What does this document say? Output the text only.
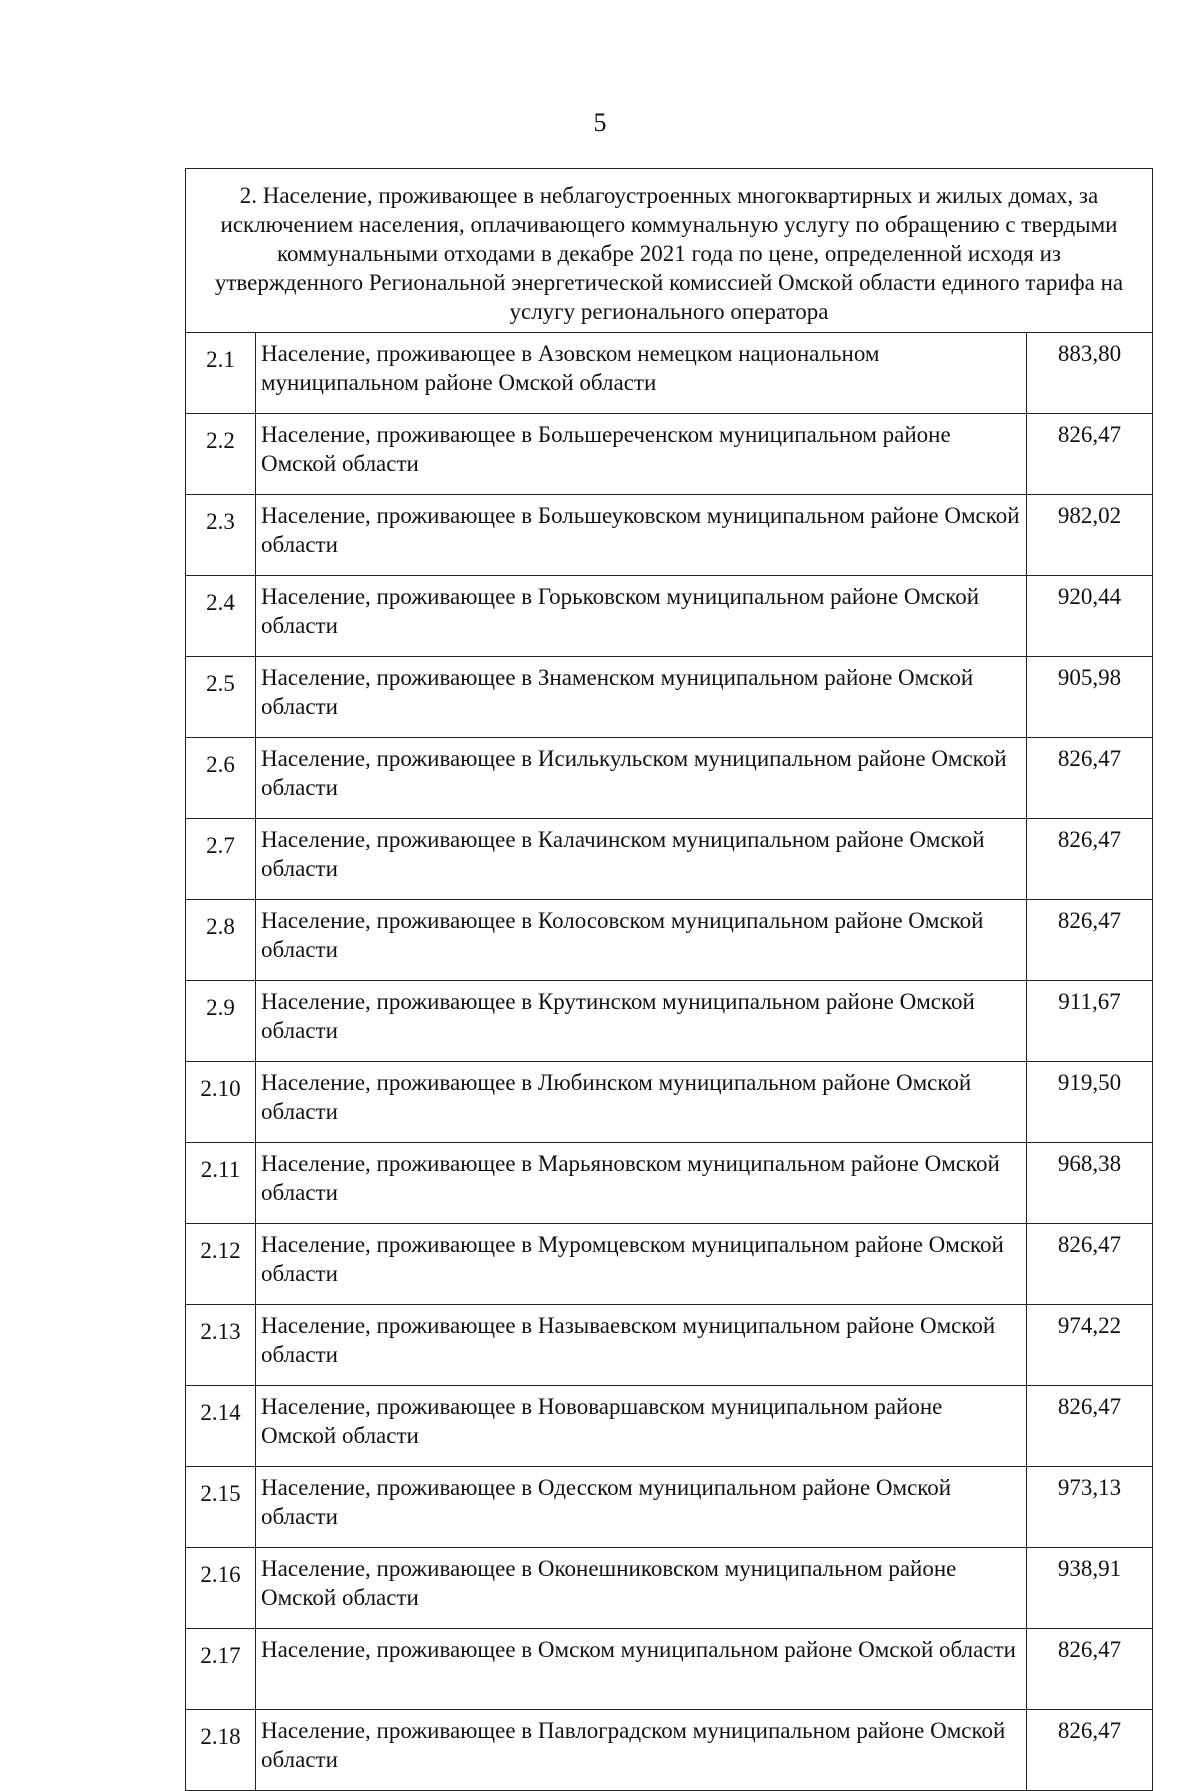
5
2. Население, проживающее в неблагоустроенных многоквартирных и жилых домах, за исключением населения, оплачивающего коммунальную услугу по обращению с твердыми коммунальными отходами в декабре 2021 года по цене, определенной исходя из утвержденного Региональной энергетической комиссией Омской области единого тарифа на услугу регионального оператора		
2.1	Население, проживающее в Азовском немецком национальном муниципальном районе Омской области	883,80
2.2	Население, проживающее в Большереченском муниципальном районе Омской области	826,47
2.3	Население, проживающее в Большеуковском муниципальном районе Омской области	982,02
2.4	Население, проживающее в Горьковском муниципальном районе Омской области	920,44
2.5	Население, проживающее в Знаменском муниципальном районе Омской области	905,98
2.6	Население, проживающее в Исилькульском муниципальном районе Омской области	826,47
2.7	Население, проживающее в Калачинском муниципальном районе Омской области	826,47
2.8	Население, проживающее в Колосовском муниципальном районе Омской области	826,47
2.9	Население, проживающее в Крутинском муниципальном районе Омской области	911,67
2.10	Население, проживающее в Любинском муниципальном районе Омской области	919,50
2.11	Население, проживающее в Марьяновском муниципальном районе Омской области	968,38
2.12	Население, проживающее в Муромцевском муниципальном районе Омской области	826,47
2.13	Население, проживающее в Называевском муниципальном районе Омской области	974,22
2.14	Население, проживающее в Нововаршавском муниципальном районе Омской области	826,47
2.15	Население, проживающее в Одесском муниципальном районе Омской области	973,13
2.16	Население, проживающее в Оконешниковском муниципальном районе Омской области	938,91
2.17	Население, проживающее в Омском муниципальном районе Омской области	826,47
2.18	Население, проживающее в Павлоградском муниципальном районе Омской области	826,47
